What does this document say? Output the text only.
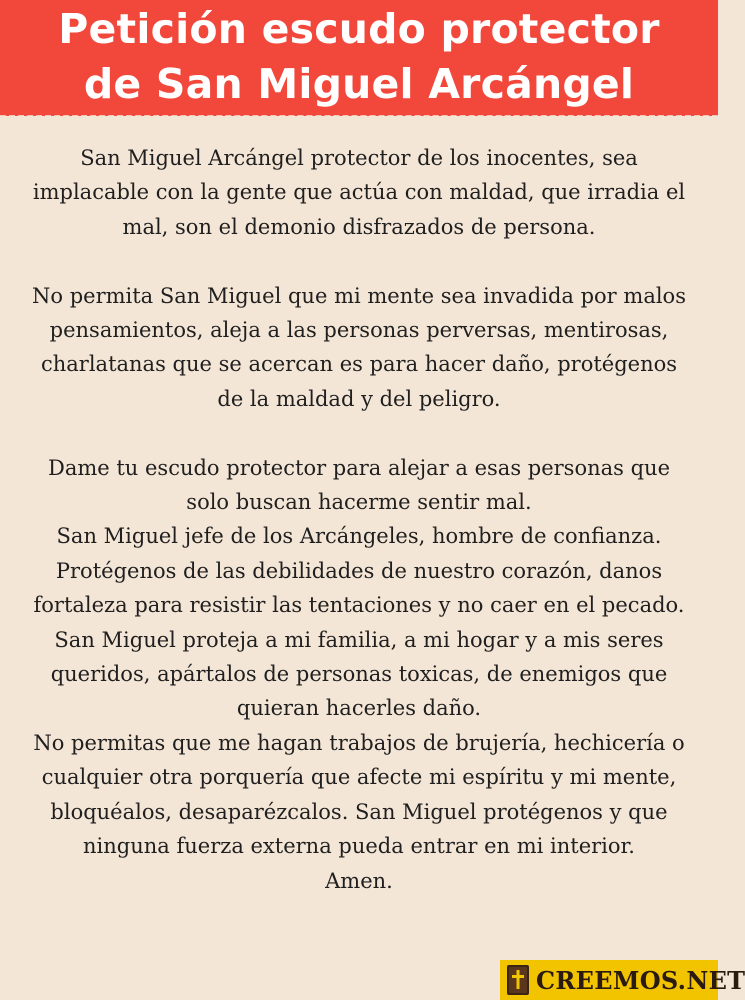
Petición escudo protector
de San Miguel Arcángel
San Miguel Arcángel protector de los inocentes, sea
implacable con la gente que actúa con maldad, que irradia el
mal, son el demonio disfrazados de persona.
No permita San Miguel que mi mente sea invadida por malos
pensamientos, aleja a las personas perversas, mentirosas,
charlatanas que se acercan es para hacer daño, protégenos
de la maldad y del peligro.
Dame tu escudo protector para alejar a esas personas que
solo buscan hacerme sentir mal.
San Miguel jefe de los Arcángeles, hombre de confianza.
Protégenos de las debilidades de nuestro corazón, danos
fortaleza para resistir las tentaciones y no caer en el pecado.
San Miguel proteja a mi familia, a mi hogar y a mis seres
queridos, apártalos de personas toxicas, de enemigos que
quieran hacerles daño.
No permitas que me hagan trabajos de brujería, hechicería o
cualquier otra porquería que afecte mi espíritu y mi mente,
bloquéalos, desaparézcalos. San Miguel protégenos y que
ninguna fuerza externa pueda entrar en mi interior.
Amen.
CREEMOS.NET
